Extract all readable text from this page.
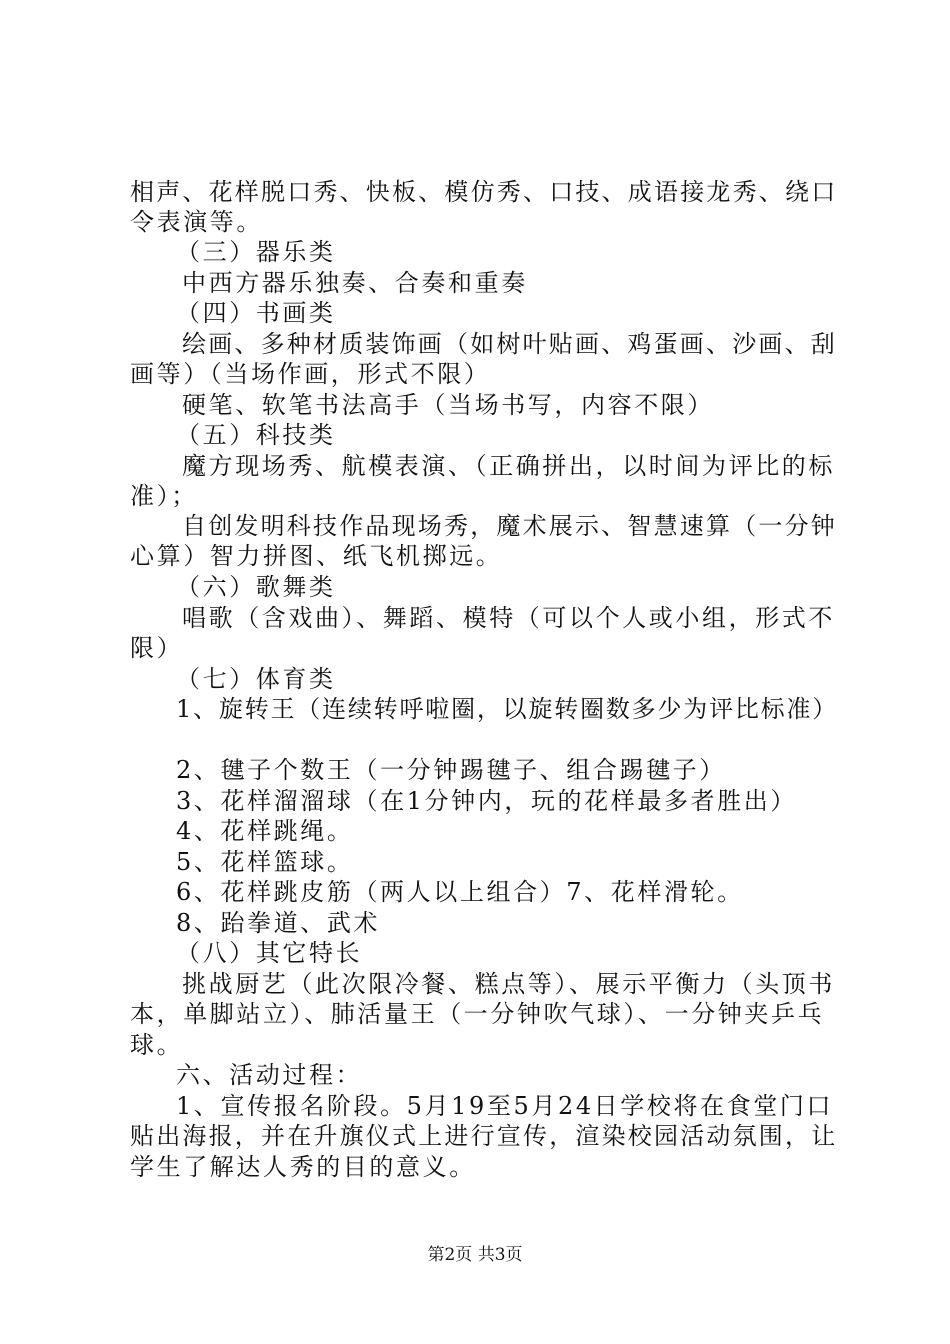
相声、花样脱口秀、快板、模仿秀、口技、成语接龙秀、绕口
令表演等。
（三）器乐类
中西方器乐独奏、合奏和重奏
（四）书画类
绘画、多种材质装饰画（如树叶贴画、鸡蛋画、沙画、刮
画等）（当场作画，形式不限）
硬笔、软笔书法高手（当场书写，内容不限）
（五）科技类
魔方现场秀、航模表演、（正确拼出，以时间为评比的标
准）；
自创发明科技作品现场秀，魔术展示、智慧速算（一分钟
心算）智力拼图、纸飞机掷远。
（六）歌舞类
唱歌（含戏曲）、舞蹈、模特（可以个人或小组，形式不
限）
（七）体育类
1、旋转王（连续转呼啦圈，以旋转圈数多少为评比标准）
2、毽子个数王（一分钟踢毽子、组合踢毽子）
3、花样溜溜球（在1分钟内，玩的花样最多者胜出）
4、花样跳绳。
5、花样篮球。
6、花样跳皮筋（两人以上组合）7、花样滑轮。
8、跆拳道、武术
（八）其它特长
挑战厨艺（此次限冷餐、糕点等）、展示平衡力（头顶书
本，单脚站立）、肺活量王（一分钟吹气球）、一分钟夹乒乓
球。
六、活动过程：
1、宣传报名阶段。5月19至5月24日学校将在食堂门口
贴出海报，并在升旗仪式上进行宣传，渲染校园活动氛围，让
学生了解达人秀的目的意义。
第2页 共3页
